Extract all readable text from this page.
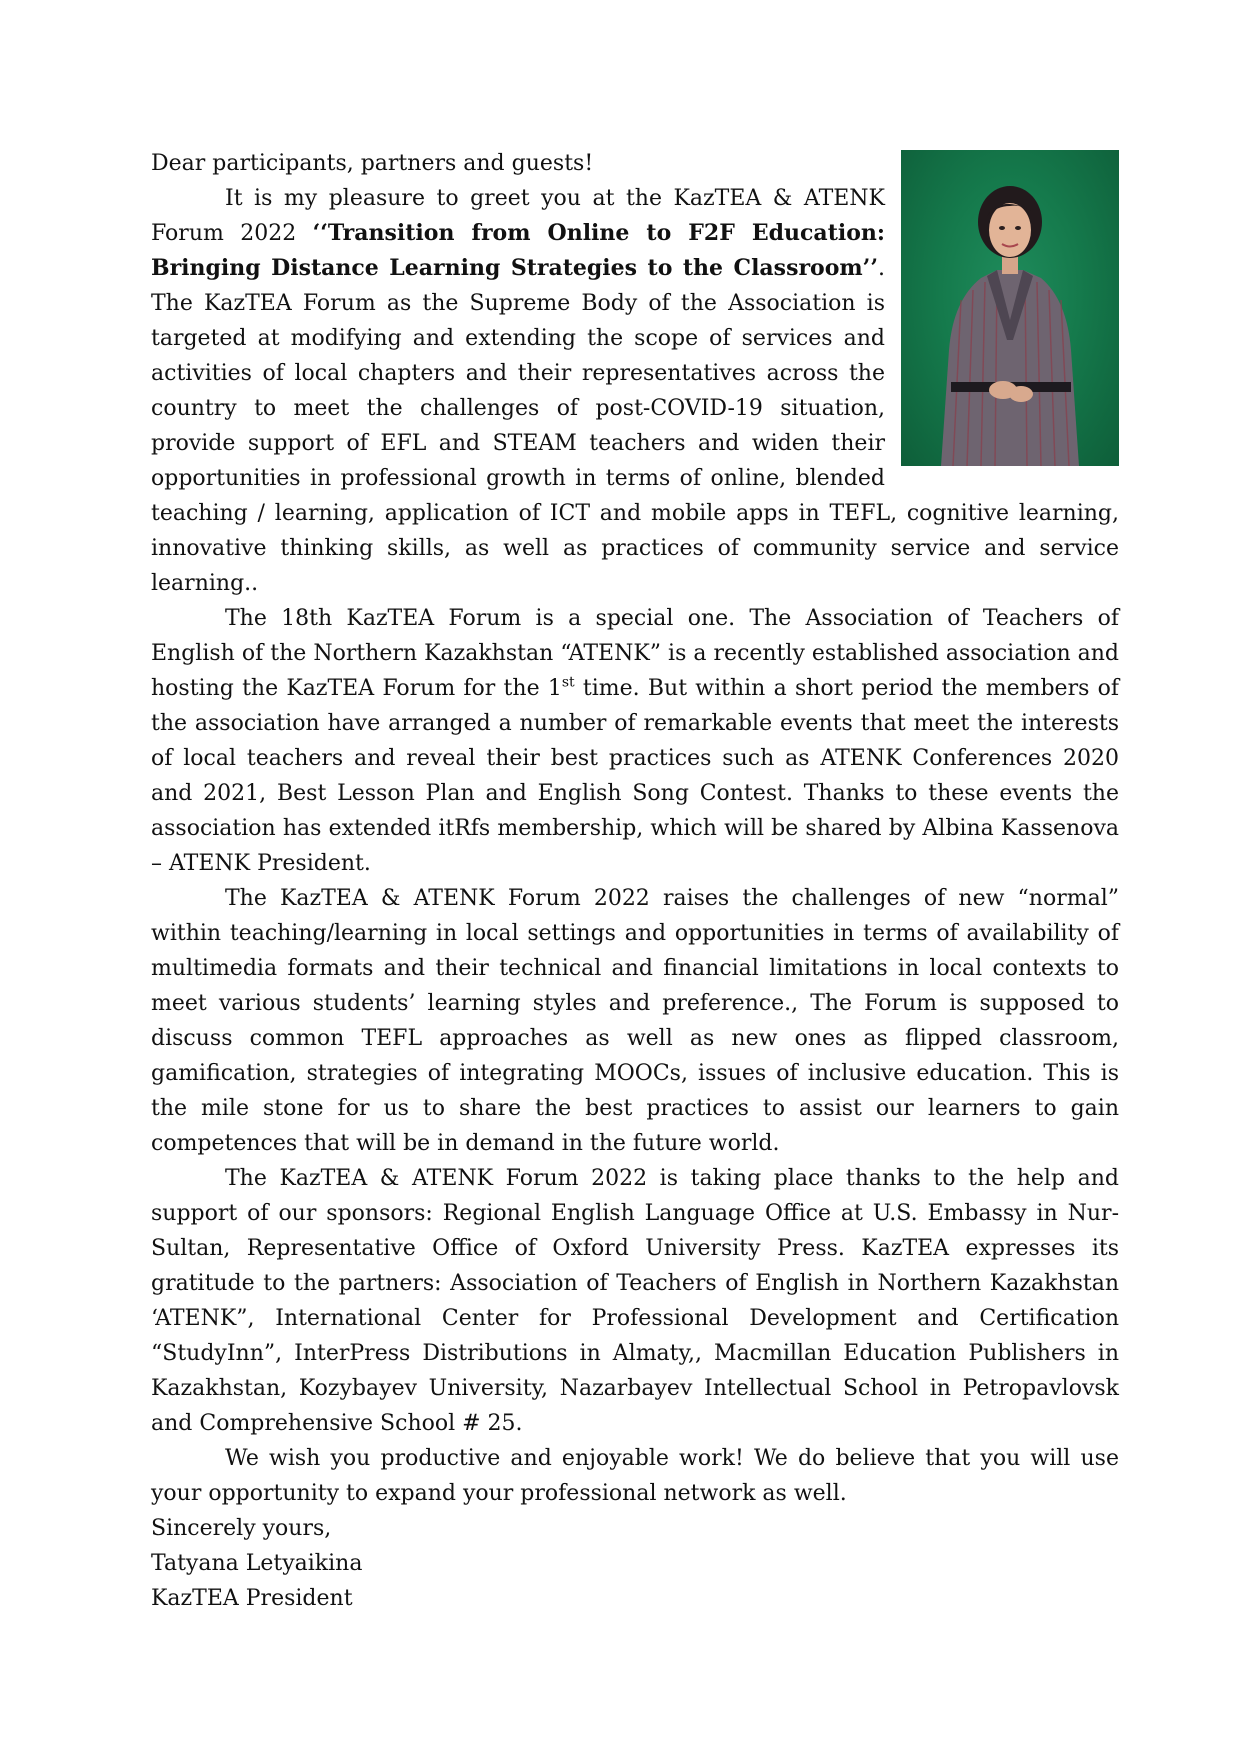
Dear participants, partners and guests!

It is my pleasure to greet you at the KazTEA & ATENK Forum 2022 ‘‘Transition from Online to F2F Education: Bringing Distance Learning Strategies to the Classroom’’. The KazTEA Forum as the Supreme Body of the Association is targeted at modifying and extending the scope of services and activities of local chapters and their representatives across the country to meet the challenges of post-COVID-19 situation, provide support of EFL and STEAM teachers and widen their opportunities in professional growth in terms of online, blended teaching / learning, application of ICT and mobile apps in TEFL, cognitive learning, innovative thinking skills, as well as practices of community service and service learning..

The 18th KazTEA Forum is a special one. The Association of Teachers of English of the Northern Kazakhstan “ATENK” is a recently established association and hosting the KazTEA Forum for the 1st time. But within a short period the members of the association have arranged a number of remarkable events that meet the interests of local teachers and reveal their best practices such as ATENK Conferences 2020 and 2021, Best Lesson Plan and English Song Contest. Thanks to these events the association has extended itRfs membership, which will be shared by Albina Kassenova – ATENK President.

The KazTEA & ATENK Forum 2022 raises the challenges of new “normal” within teaching/learning in local settings and opportunities in terms of availability of multimedia formats and their technical and financial limitations in local contexts to meet various students’ learning styles and preference., The Forum is supposed to discuss common TEFL approaches as well as new ones as flipped classroom, gamification, strategies of integrating MOOCs, issues of inclusive education. This is the mile stone for us to share the best practices to assist our learners to gain competences that will be in demand in the future world.

The KazTEA & ATENK Forum 2022 is taking place thanks to the help and support of our sponsors: Regional English Language Office at U.S. Embassy in Nur-Sultan, Representative Office of Oxford University Press. KazTEA expresses its gratitude to the partners: Association of Teachers of English in Northern Kazakhstan ‘ATENK”, International Center for Professional Development and Certification “StudyInn”, InterPress Distributions in Almaty,, Macmillan Education Publishers in Kazakhstan, Kozybayev University, Nazarbayev Intellectual School in Petropavlovsk and Comprehensive School # 25.

We wish you productive and enjoyable work! We do believe that you will use your opportunity to expand your professional network as well.

Sincerely yours,

Tatyana Letyaikina

KazTEA President
